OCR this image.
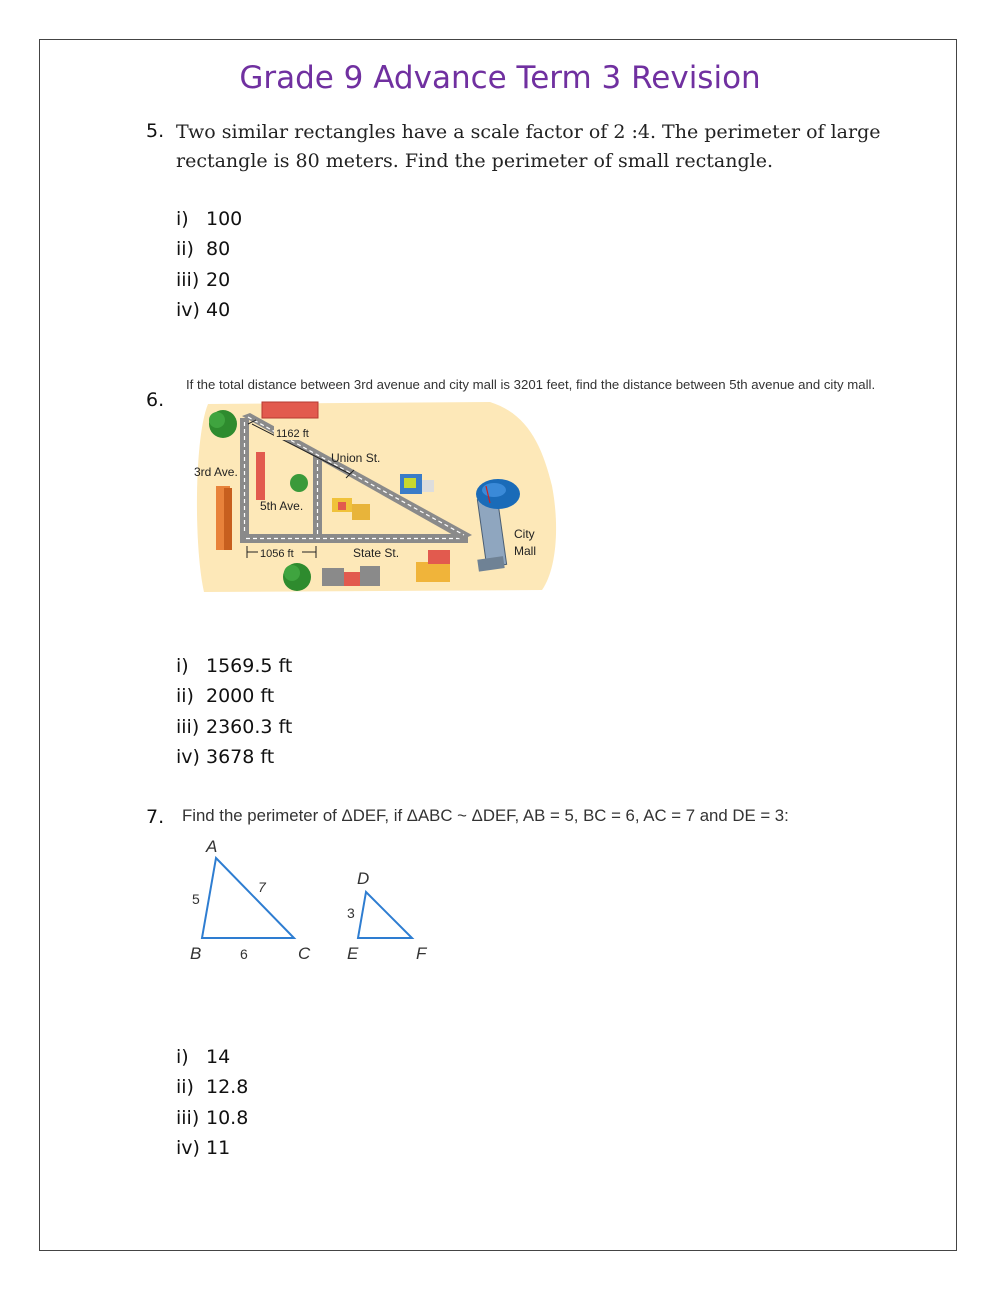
Grade 9 Advance Term 3 Revision
5. Two similar rectangles have a scale factor of 2 :4. The perimeter of large
rectangle is 80 meters. Find the perimeter of small rectangle.
i) 100
ii) 80
iii) 20
iv) 40
6.
If the total distance between 3rd avenue and city mall is 3201 feet, find the distance between 5th avenue and city mall.
1162 ft
Union St.
3rd Ave.
5th Ave.
1056 ft	State St.
City
Mall
i) 1569.5 ft
ii) 2000 ft
iii) 2360.3 ft
iv) 3678 ft
7. Find the perimeter of ΔDEF, if ΔABC ~ ΔDEF, AB = 5, BC = 6, AC = 7 and DE = 3:
A
B	C
5
7
6
D
E	F
3
i) 14
ii) 12.8
iii) 10.8
iv) 11
